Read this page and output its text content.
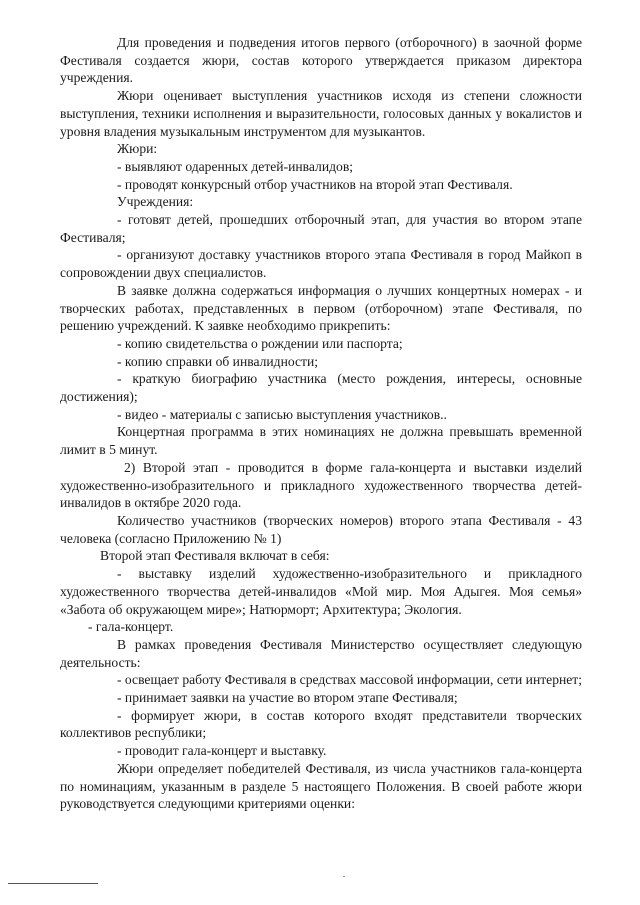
Для проведения и подведения итогов первого (отборочного) в заочной форме Фестиваля создается жюри, состав которого утверждается приказом директора учреждения.

Жюри оценивает выступления участников исходя из степени сложности выступления, техники исполнения и выразительности, голосовых данных у вокалистов и уровня владения музыкальным инструментом для музыкантов.

Жюри:

- выявляют одаренных детей-инвалидов;

- проводят конкурсный отбор участников на второй этап Фестиваля.

Учреждения:

- готовят детей, прошедших отборочный этап, для участия во втором этапе Фестиваля;

- организуют доставку участников второго этапа Фестиваля в город Майкоп в сопровождении двух специалистов.

В заявке должна содержаться информация о лучших концертных номерах - и творческих работах, представленных в первом (отборочном) этапе Фестиваля, по решению учреждений. К заявке необходимо прикрепить:

- копию свидетельства о рождении или паспорта;

- копию справки об инвалидности;

- краткую биографию участника (место рождения, интересы, основные достижения);

- видео - материалы с записью выступления участников..

Концертная программа в этих номинациях не должна превышать временной лимит в 5 минут.

2) Второй этап - проводится в форме гала-концерта и выставки изделий художественно-изобразительного и прикладного художественного творчества детей-инвалидов в октябре 2020 года.

Количество участников (творческих номеров) второго этапа Фестиваля - 43 человека (согласно Приложению № 1)

Второй этап Фестиваля включат в себя:

- выставку изделий художественно-изобразительного и прикладного художественного творчества детей-инвалидов «Мой мир. Моя Адыгея. Моя семья» «Забота об окружающем мире»; Натюрморт; Архитектура; Экология.

- гала-концерт.

В рамках проведения Фестиваля Министерство осуществляет следующую деятельность:

- освещает работу Фестиваля в средствах массовой информации, сети интернет;

- принимает заявки на участие во втором этапе Фестиваля;

- формирует жюри, в состав которого входят представители творческих коллективов республики;

- проводит гала-концерт и выставку.

Жюри определяет победителей Фестиваля, из числа участников гала-концерта по номинациям, указанным в разделе 5 настоящего Положения. В своей работе жюри руководствуется следующими критериями оценки:
